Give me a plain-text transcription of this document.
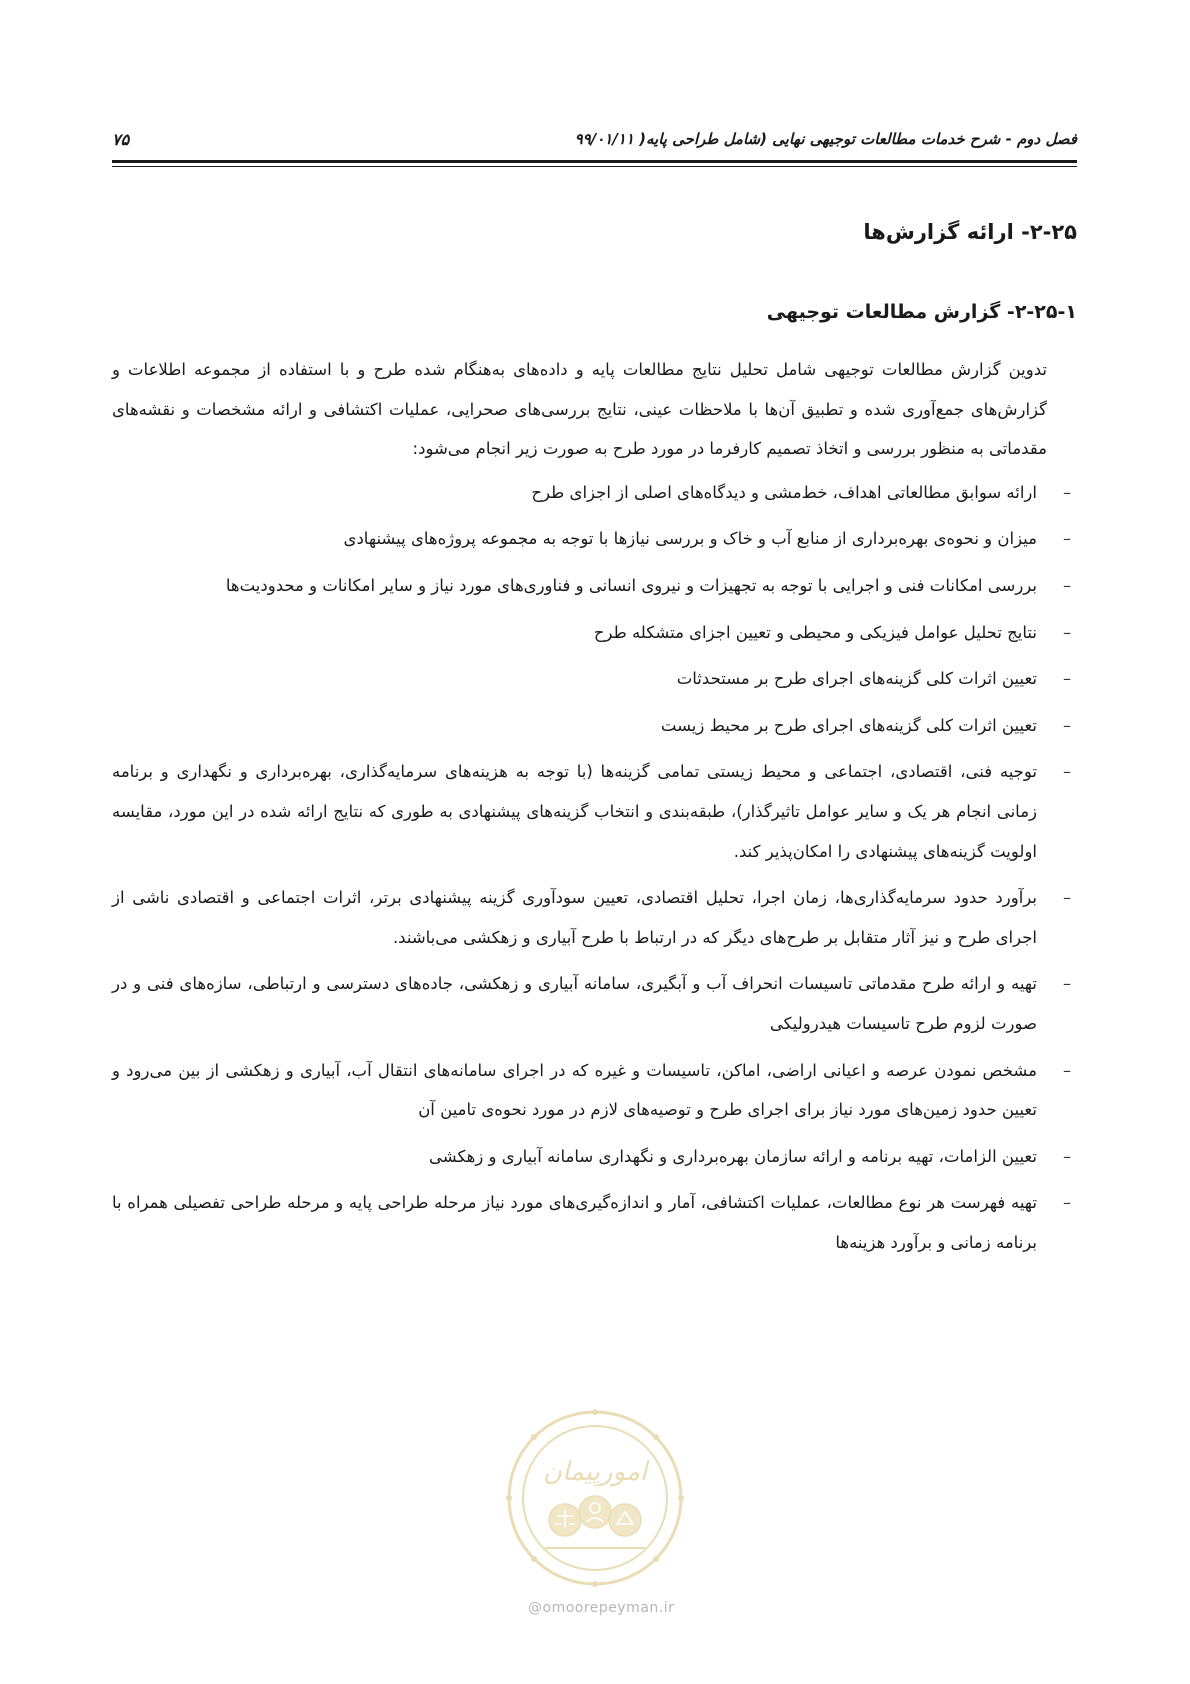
فصل دوم - شرح خدمات مطالعات توجیهی نهایی (شامل طراحی پایه( ۹۹/۰۱/۱۱
۷۵
۲-۲۵- ارائه گزارش‌ها
۲-۲۵-۱- گزارش مطالعات توجیهی

تدوین گزارش مطالعات توجیهی شامل تحلیل نتایج مطالعات پایه و داده‌های به‌هنگام شده طرح و با استفاده از مجموعه اطلاعات و گزارش‌های جمع‌آوری شده و تطبیق آن‌ها با ملاحظات عینی، نتایج بررسی‌های صحرایی، عملیات اکتشافی و ارائه مشخصات و نقشه‌های مقدماتی به منظور بررسی و اتخاذ تصمیم کارفرما در مورد طرح به صورت زیر انجام می‌شود:

–
ارائه سوابق مطالعاتی اهداف، خط‌مشی و دیدگاه‌های اصلی از اجزای طرح
–
میزان و نحوه‌ی بهره‌برداری از منابع آب و خاک و بررسی نیازها با توجه به مجموعه پروژه‌های پیشنهادی
–
بررسی امکانات فنی و اجرایی با توجه به تجهیزات و نیروی انسانی و فناوری‌های مورد نیاز و سایر امکانات و محدودیت‌ها
–
نتایج تحلیل عوامل فیزیکی و محیطی و تعیین اجزای متشکله طرح
–
تعیین اثرات کلی گزینه‌های اجرای طرح بر مستحدثات
–
تعیین اثرات کلی گزینه‌های اجرای طرح بر محیط زیست
–
توجیه فنی، اقتصادی، اجتماعی و محیط زیستی تمامی گزینه‌ها (با توجه به هزینه‌های سرمایه‌گذاری، بهره‌برداری و نگهداری و برنامه زمانی انجام هر یک و سایر عوامل تاثیرگذار)، طبقه‌بندی و انتخاب گزینه‌های پیشنهادی به طوری که نتایج ارائه شده در این مورد، مقایسه اولویت گزینه‌های پیشنهادی را امکان‌پذیر کند.
–
برآورد حدود سرمایه‌گذاری‌ها، زمان اجرا، تحلیل اقتصادی، تعیین سودآوری گزینه پیشنهادی برتر، اثرات اجتماعی و اقتصادی ناشی از اجرای طرح و نیز آثار متقابل بر طرح‌های دیگر که در ارتباط با طرح آبیاری و زهکشی می‌باشند.
–
تهیه و ارائه طرح مقدماتی تاسیسات انحراف آب و آبگیری، سامانه آبیاری و زهکشی، جاده‌های دسترسی و ارتباطی، سازه‌های فنی و در صورت لزوم طرح تاسیسات هیدرولیکی
–
مشخص نمودن عرصه و اعیانی اراضی، اماکن، تاسیسات و غیره که در اجرای سامانه‌های انتقال آب، آبیاری و زهکشی از بین می‌رود و تعیین حدود زمین‌های مورد نیاز برای اجرای طرح و توصیه‌های لازم در مورد نحوه‌ی تامین آن
–
تعیین الزامات، تهیه برنامه و ارائه سازمان بهره‌برداری و نگهداری سامانه آبیاری و زهکشی
–
تهیه فهرست هر نوع مطالعات، عملیات اکتشافی، آمار و اندازه‌گیری‌های مورد نیاز مرحله طراحی پایه و مرحله طراحی تفصیلی همراه با برنامه زمانی و برآورد هزینه‌ها
امورپیمان
@omoorepeyman.ir
